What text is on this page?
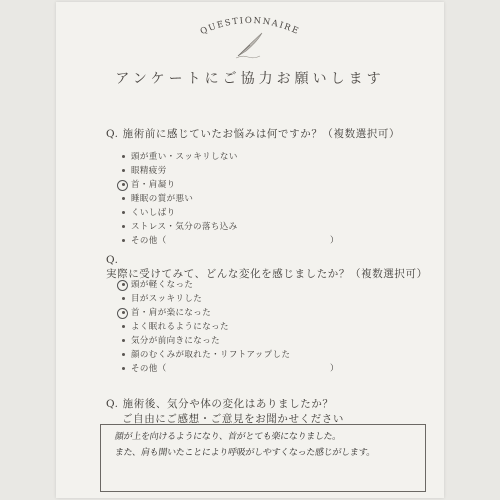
QUESTIONNAIRE
アンケートにご協力お願いします
Q. 施術前に感じていたお悩みは何ですか？（複数選択可）
頭が重い・スッキリしない
眼精疲労
首・肩凝り
睡眠の質が悪い
くいしばり
ストレス・気分の落ち込み
その他（	）
Q.実際に受けてみて、どんな変化を感じましたか？（複数選択可）
頭が軽くなった
目がスッキリした
首・肩が楽になった
よく眠れるようになった
気分が前向きになった
顔のむくみが取れた・リフトアップした
その他（	）
Q. 施術後、気分や体の変化はありましたか？
ご自由にご感想・ご意見をお聞かせください
顔が上を向けるようになり、首がとても楽になりました。
また、肩も開いたことにより呼吸がしやすくなった感じがします。
